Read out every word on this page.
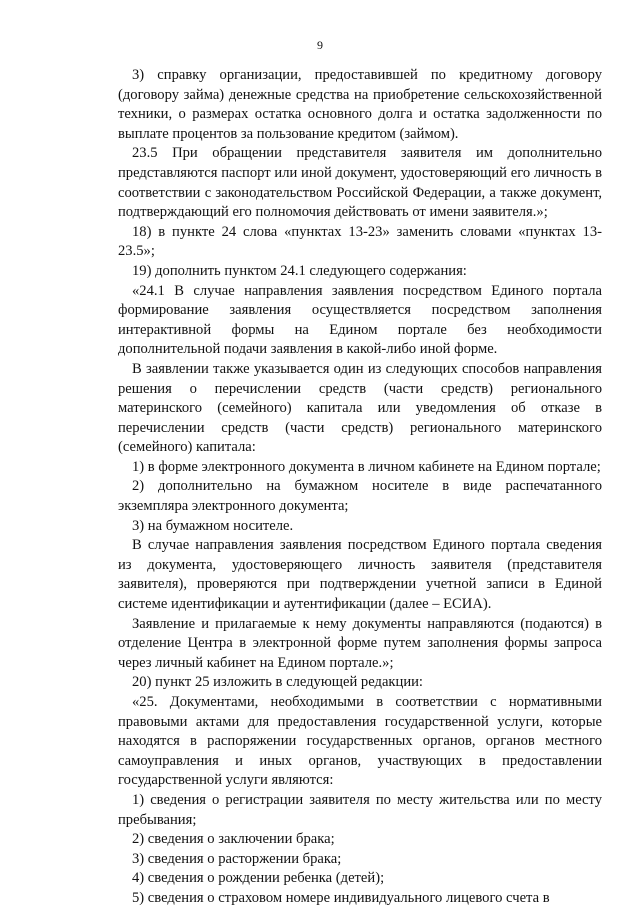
9

3) справку организации, предоставившей по кредитному договору (договору займа) денежные средства на приобретение сельскохозяйственной техники, о размерах остатка основного долга и остатка задолженности по выплате процентов за пользование кредитом (займом).

23.5 При обращении представителя заявителя им дополнительно представляются паспорт или иной документ, удостоверяющий его личность в соответствии с законодательством Российской Федерации, а также документ, подтверждающий его полномочия действовать от имени заявителя.»;

18) в пункте 24 слова «пунктах 13-23» заменить словами «пунктах 13-23.5»;

19) дополнить пунктом 24.1 следующего содержания:

«24.1 В случае направления заявления посредством Единого портала формирование заявления осуществляется посредством заполнения интерактивной формы на Едином портале без необходимости дополнительной подачи заявления в какой-либо иной форме.

В заявлении также указывается один из следующих способов направления решения о перечислении средств (части средств) регионального материнского (семейного) капитала или уведомления об отказе в перечислении средств (части средств) регионального материнского (семейного) капитала:

1) в форме электронного документа в личном кабинете на Едином портале;

2) дополнительно на бумажном носителе в виде распечатанного экземпляра электронного документа;

3) на бумажном носителе.

В случае направления заявления посредством Единого портала сведения из документа, удостоверяющего личность заявителя (представителя заявителя), проверяются при подтверждении учетной записи в Единой системе идентификации и аутентификации (далее – ЕСИА).

Заявление и прилагаемые к нему документы направляются (подаются) в отделение Центра в электронной форме путем заполнения формы запроса через личный кабинет на Едином портале.»;

20) пункт 25 изложить в следующей редакции:

«25. Документами, необходимыми в соответствии с нормативными правовыми актами для предоставления государственной услуги, которые находятся в распоряжении государственных органов, органов местного самоуправления и иных органов, участвующих в предоставлении государственной услуги являются:

1) сведения о регистрации заявителя по месту жительства или по месту пребывания;

2) сведения о заключении брака;

3) сведения о расторжении брака;

4) сведения о рождении ребенка (детей);

5) сведения о страховом номере индивидуального лицевого счета в
